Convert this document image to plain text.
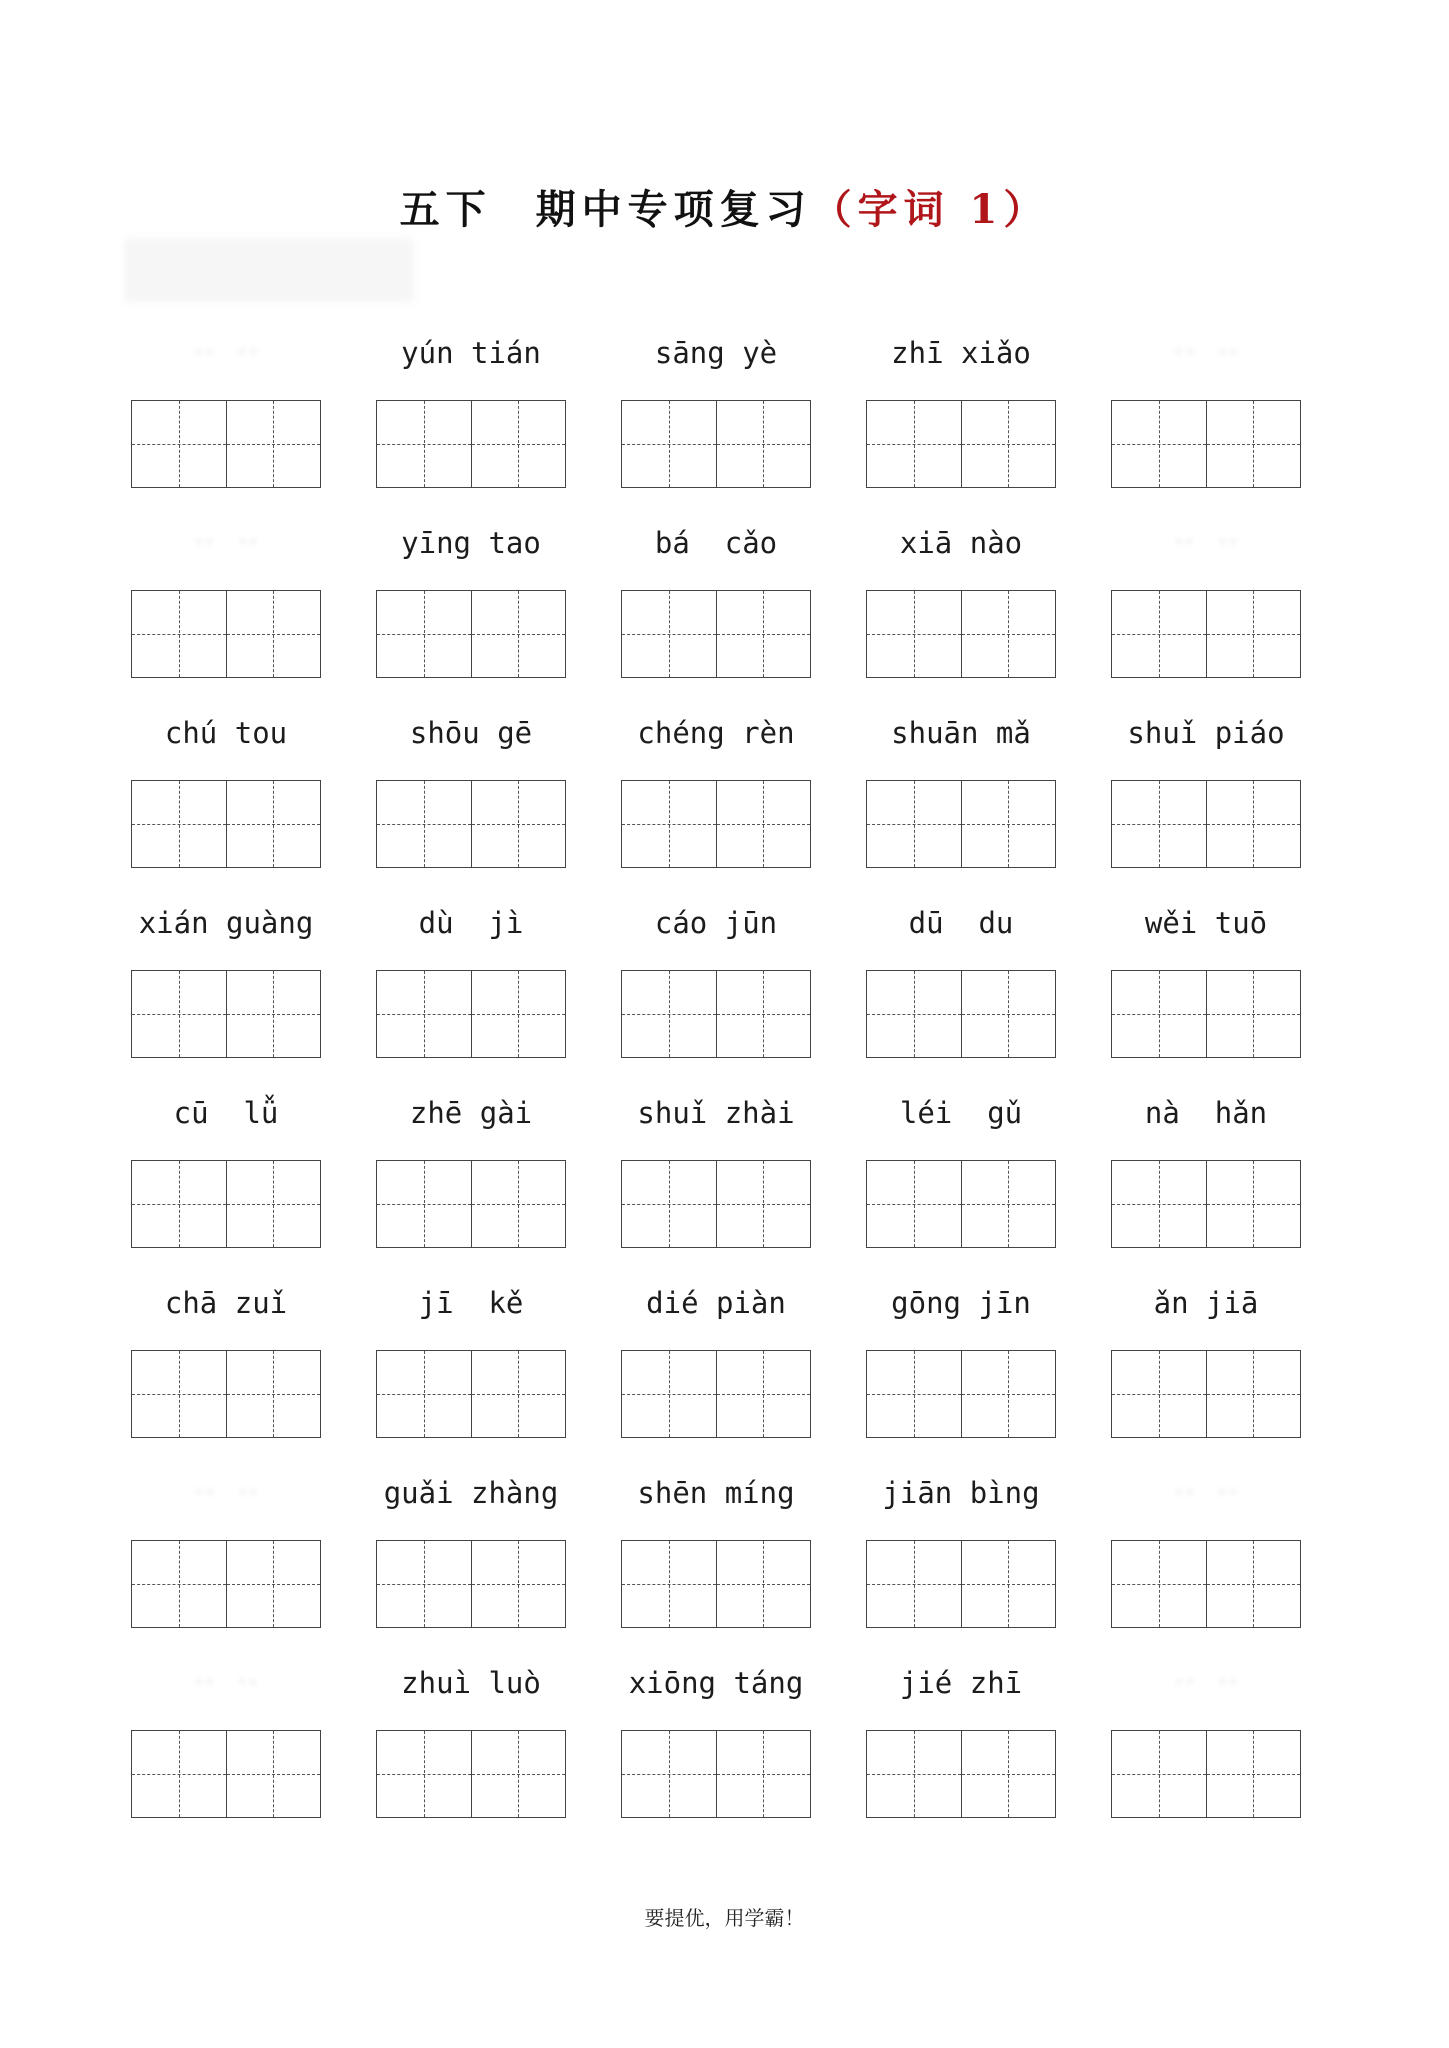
五下 期中专项复习（字词 1）
··  ··	yún tián	sāng yè	zhī xiǎo	··  ··
··  ··	yīng tao	bá  cǎo	xiā nào	··  ··
chú tou	shōu gē	chéng rèn	shuān mǎ	shuǐ piáo
xián guàng	dù  jì	cáo jūn	dū  du	wěi tuō
cū  lǚ	zhē gài	shuǐ zhài	léi  gǔ	nà  hǎn
chā zuǐ	jī  kě	dié piàn	gōng jīn	ǎn jiā
··  ··	guǎi zhàng	shēn míng	jiān bìng	··  ··
··  ··	zhuì luò	xiōng táng	jié zhī	··  ··
要提优，用学霸！
